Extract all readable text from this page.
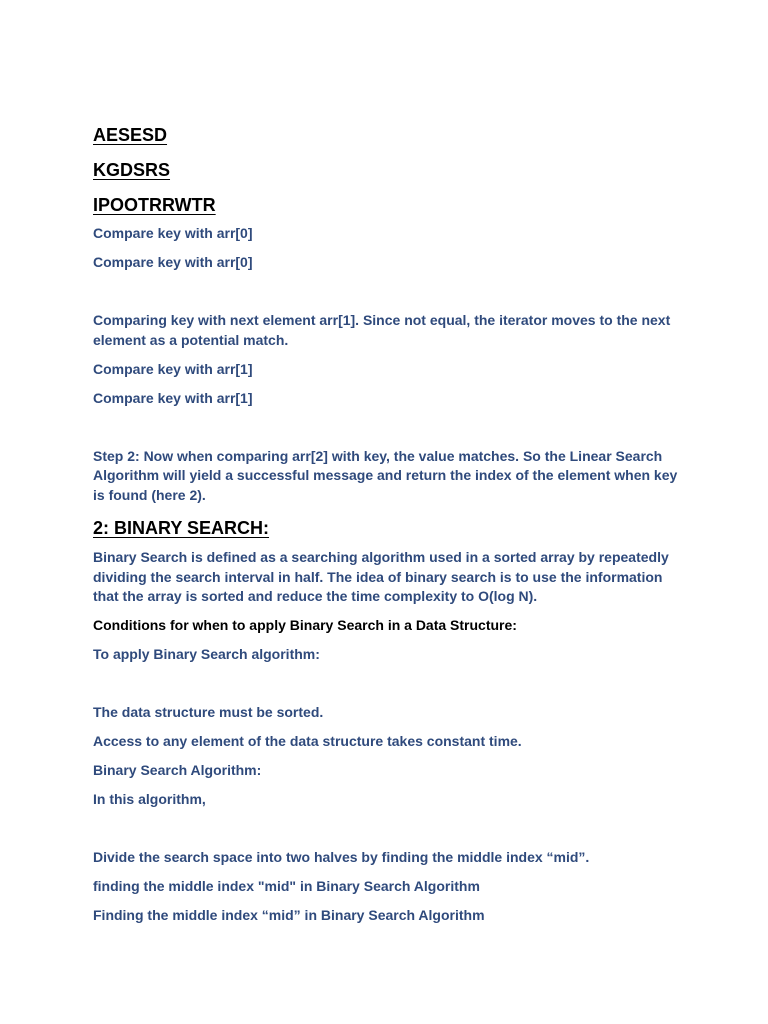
AESESD
KGDSRS
IPOOTRRWTR

Compare key with arr[0]

Compare key with arr[0]

Comparing key with next element arr[1]. Since not equal, the iterator moves to the next element as a potential match.

Compare key with arr[1]

Compare key with arr[1]

Step 2: Now when comparing arr[2] with key, the value matches. So the Linear Search Algorithm will yield a successful message and return the index of the element when key is found (here 2).

2: BINARY SEARCH:

Binary Search is defined as a searching algorithm used in a sorted array by repeatedly dividing the search interval in half. The idea of binary search is to use the information that the array is sorted and reduce the time complexity to O(log N).

Conditions for when to apply Binary Search in a Data Structure:

To apply Binary Search algorithm:

The data structure must be sorted.

Access to any element of the data structure takes constant time.

Binary Search Algorithm:

In this algorithm,

Divide the search space into two halves by finding the middle index “mid”.

finding the middle index "mid" in Binary Search Algorithm

Finding the middle index “mid” in Binary Search Algorithm
